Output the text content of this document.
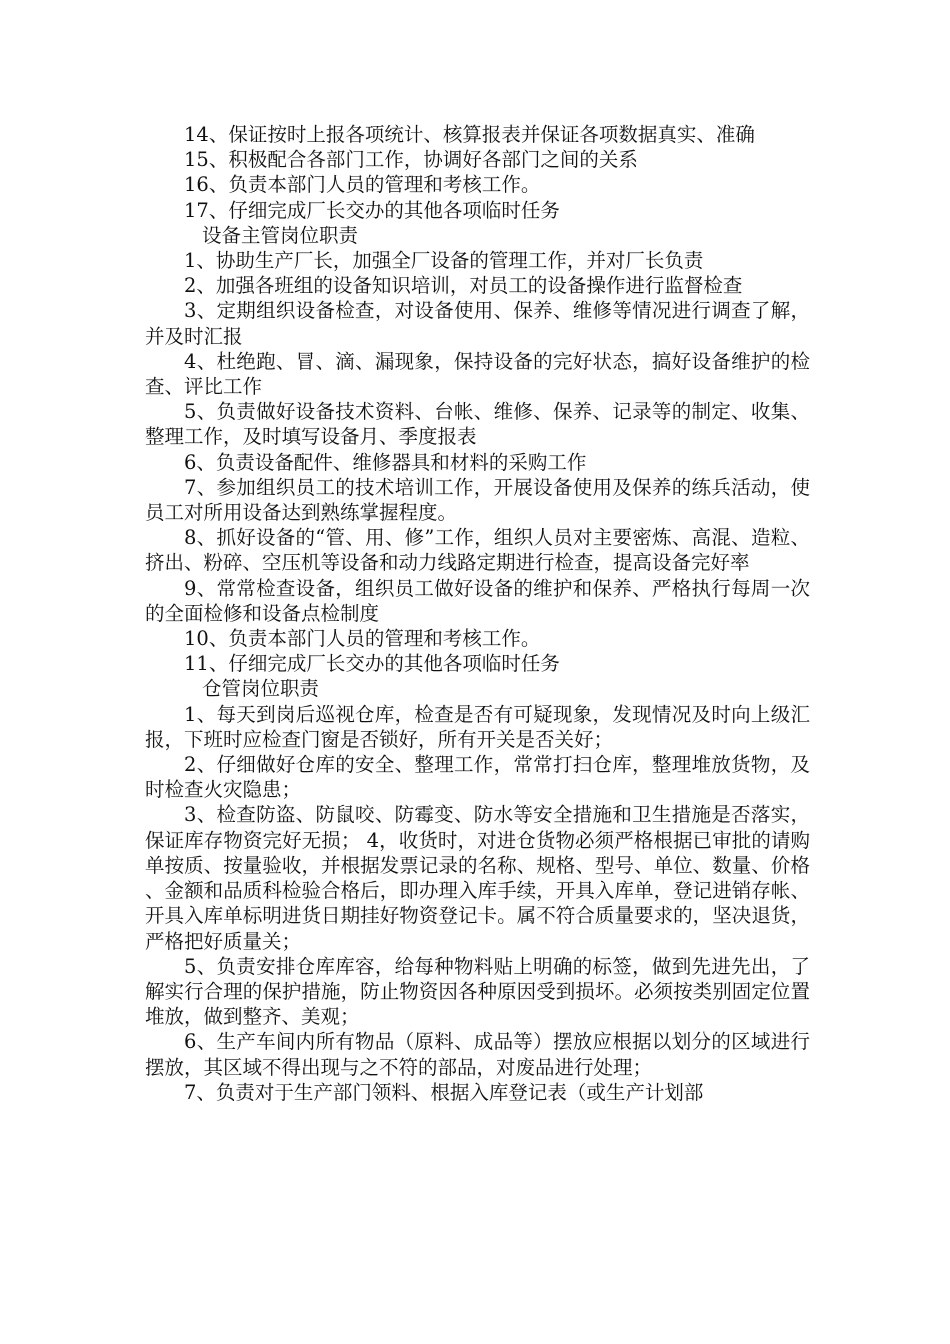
14、保证按时上报各项统计、核算报表并保证各项数据真实、准确

15、积极配合各部门工作，协调好各部门之间的关系

16、负责本部门人员的管理和考核工作。

17、仔细完成厂长交办的其他各项临时任务

设备主管岗位职责

1、协助生产厂长，加强全厂设备的管理工作，并对厂长负责

2、加强各班组的设备知识培训，对员工的设备操作进行监督检查

3、定期组织设备检查，对设备使用、保养、维修等情况进行调查了解，并及时汇报

4、杜绝跑、冒、滴、漏现象，保持设备的完好状态，搞好设备维护的检查、评比工作

5、负责做好设备技术资料、台帐、维修、保养、记录等的制定、收集、整理工作，及时填写设备月、季度报表

6、负责设备配件、维修器具和材料的采购工作

7、参加组织员工的技术培训工作，开展设备使用及保养的练兵活动，使员工对所用设备达到熟练掌握程度。

8、抓好设备的“管、用、修”工作，组织人员对主要密炼、高混、造粒、挤出、粉碎、空压机等设备和动力线路定期进行检查，提高设备完好率

9、常常检查设备，组织员工做好设备的维护和保养、严格执行每周一次的全面检修和设备点检制度

10、负责本部门人员的管理和考核工作。

11、仔细完成厂长交办的其他各项临时任务

仓管岗位职责

1、每天到岗后巡视仓库，检查是否有可疑现象，发现情况及时向上级汇报，下班时应检查门窗是否锁好，所有开关是否关好；

2、仔细做好仓库的安全、整理工作，常常打扫仓库，整理堆放货物，及时检查火灾隐患；

3、检查防盗、防鼠咬、防霉变、防水等安全措施和卫生措施是否落实，保证库存物资完好无损； 4，收货时，对进仓货物必须严格根据已审批的请购单按质、按量验收，并根据发票记录的名称、规格、型号、单位、数量、价格、金额和品质科检验合格后，即办理入库手续，开具入库单，登记进销存帐、开具入库单标明进货日期挂好物资登记卡。属不符合质量要求的，坚决退货，严格把好质量关；

5、负责安排仓库库容，给每种物料贴上明确的标签，做到先进先出，了解实行合理的保护措施，防止物资因各种原因受到损坏。必须按类别固定位置堆放，做到整齐、美观；

6、生产车间内所有物品（原料、成品等）摆放应根据以划分的区域进行摆放，其区域不得出现与之不符的部品，对废品进行处理；

7、负责对于生产部门领料、根据入库登记表（或生产计划部
